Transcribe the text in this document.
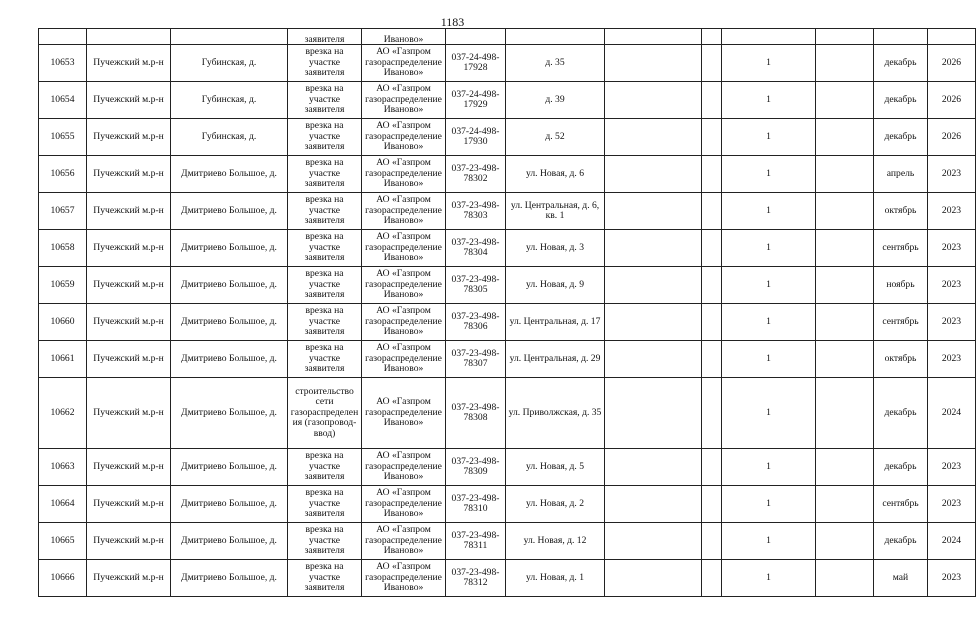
1183
			заявителя	Иваново»								
10653	Пучежский м.р-н	Губинская, д.	врезка на участке заявителя	АО «Газпром газораспределение Иваново»	037-24-498-17928	д. 35			1		декабрь	2026
10654	Пучежский м.р-н	Губинская, д.	врезка на участке заявителя	АО «Газпром газораспределение Иваново»	037-24-498-17929	д. 39			1		декабрь	2026
10655	Пучежский м.р-н	Губинская, д.	врезка на участке заявителя	АО «Газпром газораспределение Иваново»	037-24-498-17930	д. 52			1		декабрь	2026
10656	Пучежский м.р-н	Дмитриево Большое, д.	врезка на участке заявителя	АО «Газпром газораспределение Иваново»	037-23-498-78302	ул. Новая, д. 6			1		апрель	2023
10657	Пучежский м.р-н	Дмитриево Большое, д.	врезка на участке заявителя	АО «Газпром газораспределение Иваново»	037-23-498-78303	ул. Центральная, д. 6, кв. 1			1		октябрь	2023
10658	Пучежский м.р-н	Дмитриево Большое, д.	врезка на участке заявителя	АО «Газпром газораспределение Иваново»	037-23-498-78304	ул. Новая, д. 3			1		сентябрь	2023
10659	Пучежский м.р-н	Дмитриево Большое, д.	врезка на участке заявителя	АО «Газпром газораспределение Иваново»	037-23-498-78305	ул. Новая, д. 9			1		ноябрь	2023
10660	Пучежский м.р-н	Дмитриево Большое, д.	врезка на участке заявителя	АО «Газпром газораспределение Иваново»	037-23-498-78306	ул. Центральная, д. 17			1		сентябрь	2023
10661	Пучежский м.р-н	Дмитриево Большое, д.	врезка на участке заявителя	АО «Газпром газораспределение Иваново»	037-23-498-78307	ул. Центральная, д. 29			1		октябрь	2023
10662	Пучежский м.р-н	Дмитриево Большое, д.	строительство сети газораспределения (газопровод-ввод)	АО «Газпром газораспределение Иваново»	037-23-498-78308	ул. Приволжская, д. 35			1		декабрь	2024
10663	Пучежский м.р-н	Дмитриево Большое, д.	врезка на участке заявителя	АО «Газпром газораспределение Иваново»	037-23-498-78309	ул. Новая, д. 5			1		декабрь	2023
10664	Пучежский м.р-н	Дмитриево Большое, д.	врезка на участке заявителя	АО «Газпром газораспределение Иваново»	037-23-498-78310	ул. Новая, д. 2			1		сентябрь	2023
10665	Пучежский м.р-н	Дмитриево Большое, д.	врезка на участке заявителя	АО «Газпром газораспределение Иваново»	037-23-498-78311	ул. Новая, д. 12			1		декабрь	2024
10666	Пучежский м.р-н	Дмитриево Большое, д.	врезка на участке заявителя	АО «Газпром газораспределение Иваново»	037-23-498-78312	ул. Новая, д. 1			1		май	2023
